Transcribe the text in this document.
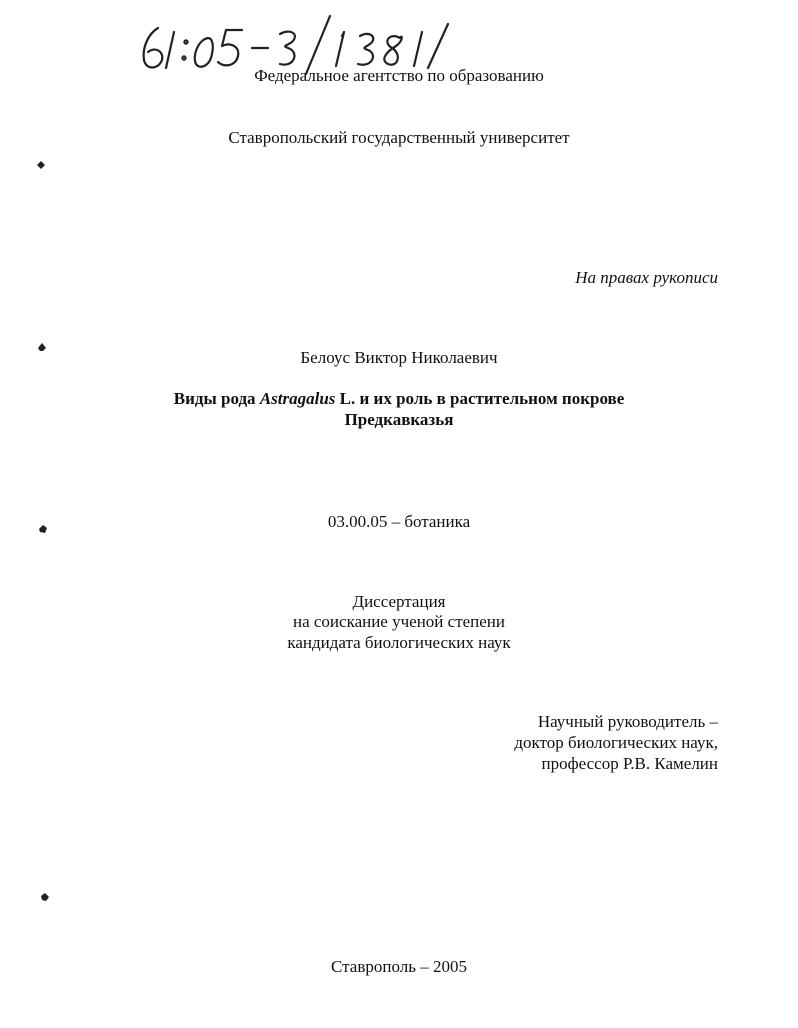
Федеральное агентство по образованию
Ставропольский государственный университет
На правах рукописи
Белоус Виктор Николаевич
Виды рода Astragalus L. и их роль в растительном покрове
Предкавказья
03.00.05 – ботаника
Диссертация
на соискание ученой степени
кандидата биологических наук
Научный руководитель –
доктор биологических наук,
профессор Р.В. Камелин
Ставрополь – 2005
